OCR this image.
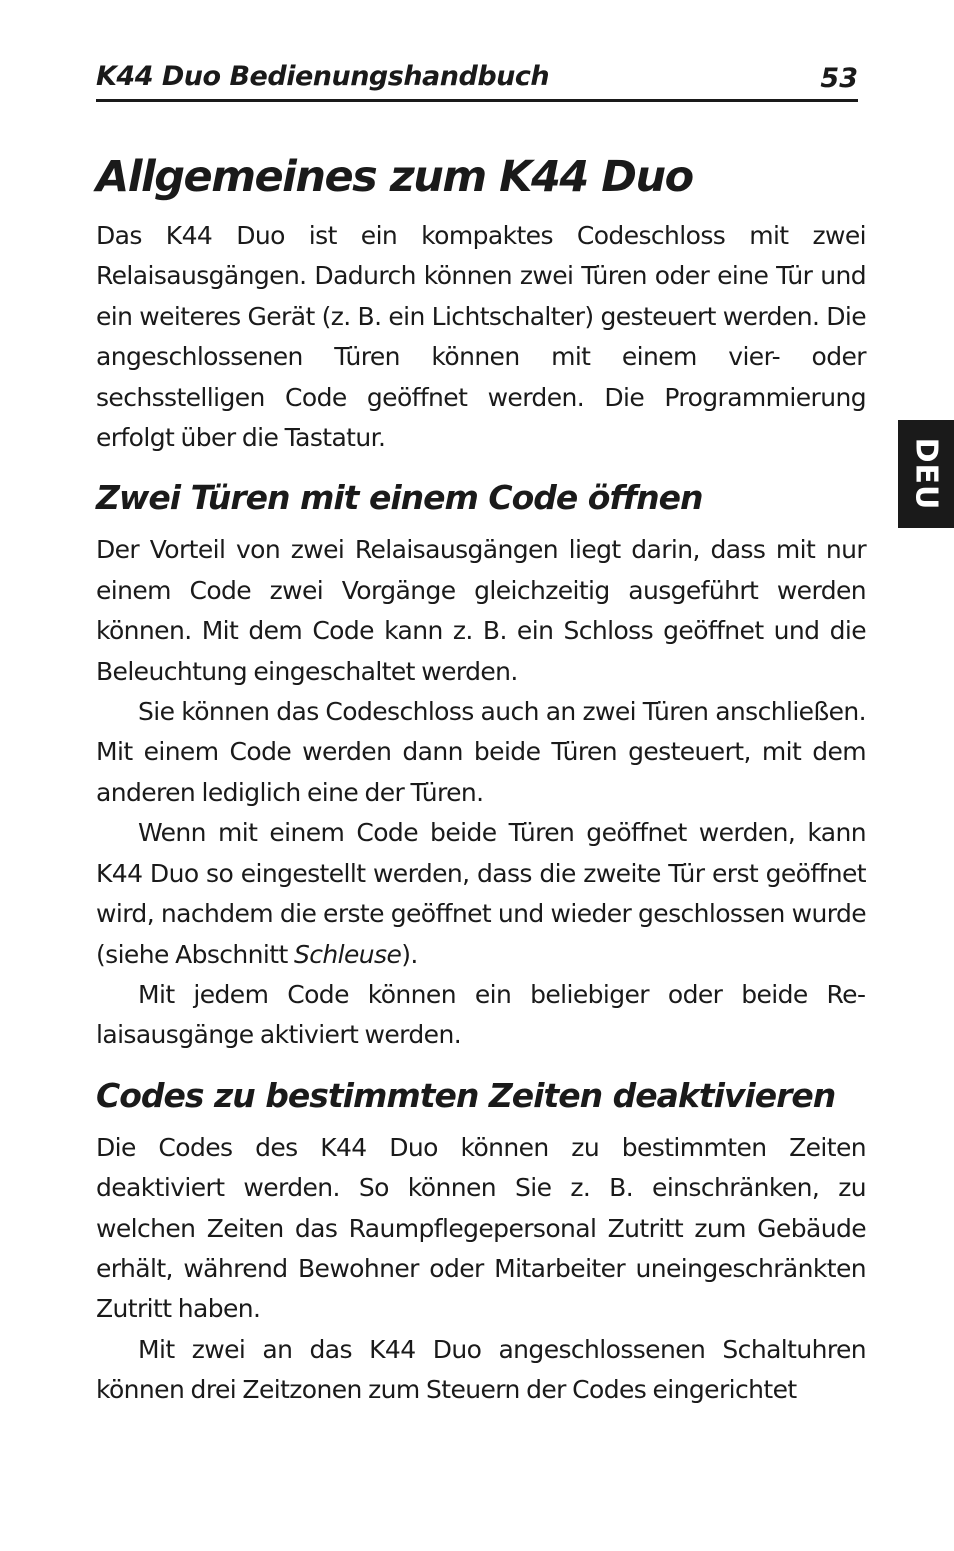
K44 Duo Bedienungshandbuch	53
DEU
Allgemeines zum K44 Duo

Das K44 Duo ist ein kompaktes Codeschloss mit zwei Relaisausgängen. Dadurch können zwei Türen oder eine Tür und ein weiteres Gerät (z. B. ein Lichtschalter) gesteuert werden. Die angeschlossenen Türen können mit einem vier- oder sechsstelligen Code geöffnet werden. Die Programmierung erfolgt über die Tastatur.

Zwei Türen mit einem Code öffnen

Der Vorteil von zwei Relaisausgängen liegt darin, dass mit nur einem Code zwei Vorgänge gleichzeitig ausgeführt werden können. Mit dem Code kann z. B. ein Schloss geöffnet und die Beleuchtung eingeschaltet werden.

Sie können das Codeschloss auch an zwei Türen anschließen. Mit einem Code werden dann beide Türen gesteuert, mit dem anderen lediglich eine der Türen.

Wenn mit einem Code beide Türen geöffnet werden, kann K44 Duo so eingestellt werden, dass die zweite Tür erst geöffnet wird, nachdem die erste geöffnet und wieder geschlossen wurde (siehe Abschnitt Schleuse).

Mit jedem Code können ein beliebiger oder beide Relaisausgänge aktiviert werden.

Codes zu bestimmten Zeiten deaktivieren

Die Codes des K44 Duo können zu bestimmten Zeiten deaktiviert werden. So können Sie z. B. einschränken, zu welchen Zeiten das Raumpflegepersonal Zutritt zum Gebäude erhält, während Bewohner oder Mitarbeiter uneingeschränkten Zutritt haben.

Mit zwei an das K44 Duo angeschlossenen Schaltuhren können drei Zeitzonen zum Steuern der Codes eingerichtet
